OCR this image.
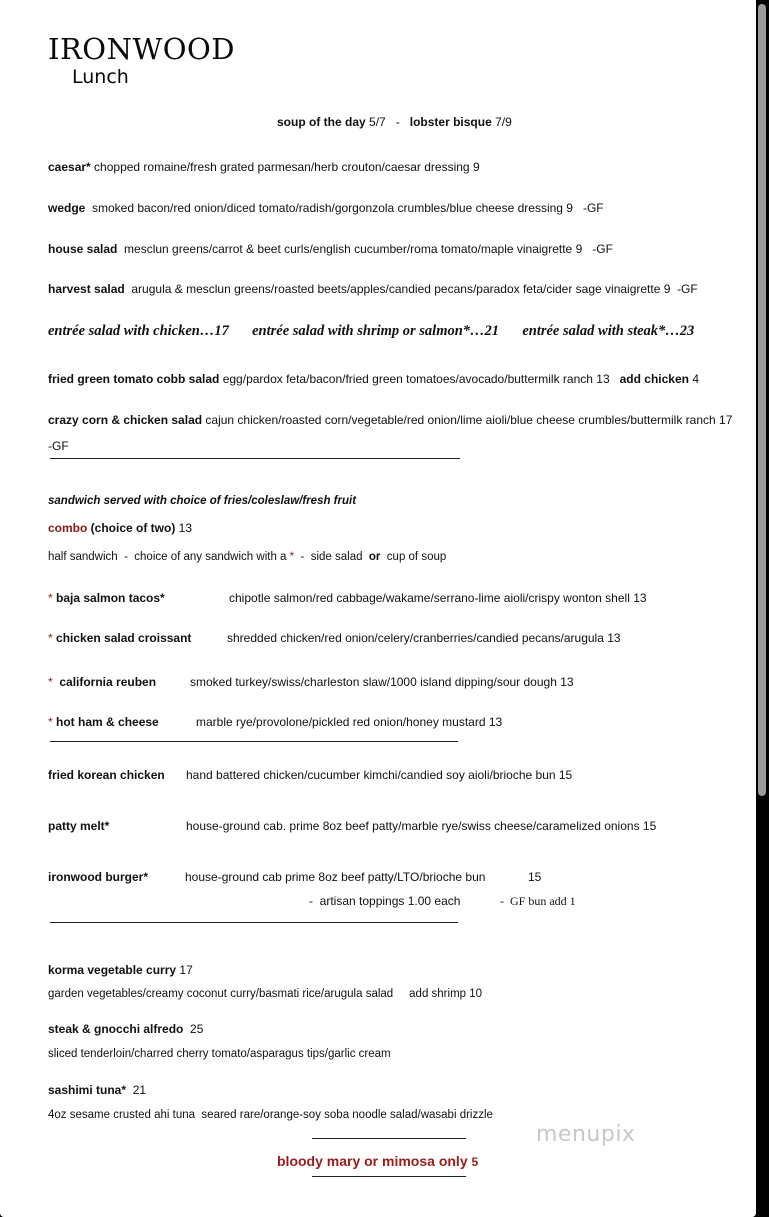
IRONWOOD
Lunch
soup of the day 5/7 - lobster bisque 7/9
caesar* chopped romaine/fresh grated parmesan/herb crouton/caesar dressing 9
wedge  smoked bacon/red onion/diced tomato/radish/gorgonzola crumbles/blue cheese dressing 9   -GF
house salad  mesclun greens/carrot & beet curls/english cucumber/roma tomato/maple vinaigrette 9   -GF
harvest salad  arugula & mesclun greens/roasted beets/apples/candied pecans/paradox feta/cider sage vinaigrette 9  -GF
entrée salad with chicken…17 entrée salad with shrimp or salmon*…21 entrée salad with steak*…23
fried green tomato cobb salad egg/pardox feta/bacon/fried green tomatoes/avocado/buttermilk ranch 13   add chicken 4
crazy corn & chicken salad cajun chicken/roasted corn/vegetable/red onion/lime aioli/blue cheese crumbles/buttermilk ranch 17
-GF
sandwich served with choice of fries/coleslaw/fresh fruit
combo (choice of two) 13
half sandwich  -  choice of any sandwich with a *  -  side salad  or  cup of soup
* baja salmon tacos*	chipotle salmon/red cabbage/wakame/serrano-lime aioli/crispy wonton shell 13
* chicken salad croissant	shredded chicken/red onion/celery/cranberries/candied pecans/arugula 13
*  california reuben	smoked turkey/swiss/charleston slaw/1000 island dipping/sour dough 13
* hot ham & cheese	marble rye/provolone/pickled red onion/honey mustard 13
fried korean chicken hand battered chicken/cucumber kimchi/candied soy aioli/brioche bun 15
patty melt*	house-ground cab. prime 8oz beef patty/marble rye/swiss cheese/caramelized onions 15
ironwood burger*	house-ground cab prime 8oz beef patty/LTO/brioche bun	15
-  artisan toppings 1.00 each	-  GF bun add 1
korma vegetable curry 17
garden vegetables/creamy coconut curry/basmati rice/arugula salad     add shrimp 10
steak & gnocchi alfredo  25
sliced tenderloin/charred cherry tomato/asparagus tips/garlic cream
sashimi tuna*  21
4oz sesame crusted ahi tuna  seared rare/orange-soy soba noodle salad/wasabi drizzle
bloody mary or mimosa only 5
menupix
